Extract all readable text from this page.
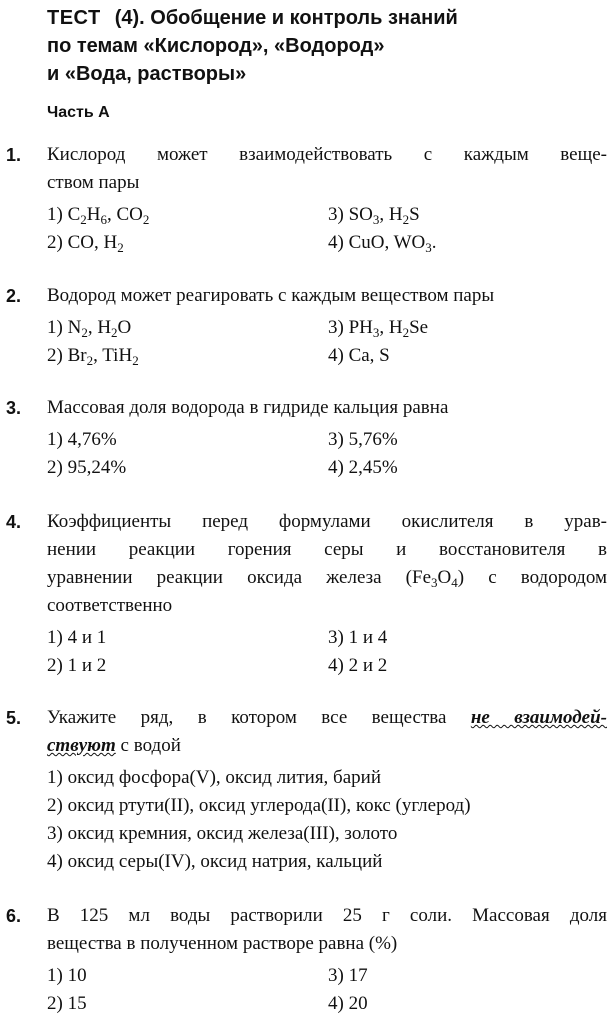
ТЕСТ (4). Обобщение и контроль знаний
по темам «Кислород», «Водород»
и «Вода, растворы»
Часть А
1. Кислород может взаимодействовать с каждым веще-
ством пары
1) $C_2H_6$, $CO_2$	3) $SO_3$, $H_2S$
2) CO, $H_2$	4) CuO, $WO_3$.
2. Водород может реагировать с каждым веществом пары
1) $N_2$, $H_2O$	3) $PH_3$, $H_2Se$
2) $Br_2$, TiH$_2$	4) Ca, S
3. Массовая доля водорода в гидриде кальция равна
1) 4,76%	3) 5,76%
2) 95,24%	4) 2,45%
4. Коэффициенты перед формулами окислителя в урав-
нении реакции горения серы и восстановителя в
уравнении реакции оксида железа $(Fe_3O_4)$ с водородом
соответственно
1) 4 и 1	3) 1 и 4
2) 1 и 2	4) 2 и 2
5. Укажите ряд, в котором все вещества не взаимодей-
ствуют с водой
1) оксид фосфора(V), оксид лития, барий
2) оксид ртути(II), оксид углерода(II), кокс (углерод)
3) оксид кремния, оксид железа(III), золото
4) оксид серы(IV), оксид натрия, кальций
6. В 125 мл воды растворили 25 г соли. Массовая доля
вещества в полученном растворе равна (%)
1) 10	3) 17
2) 15	4) 20
